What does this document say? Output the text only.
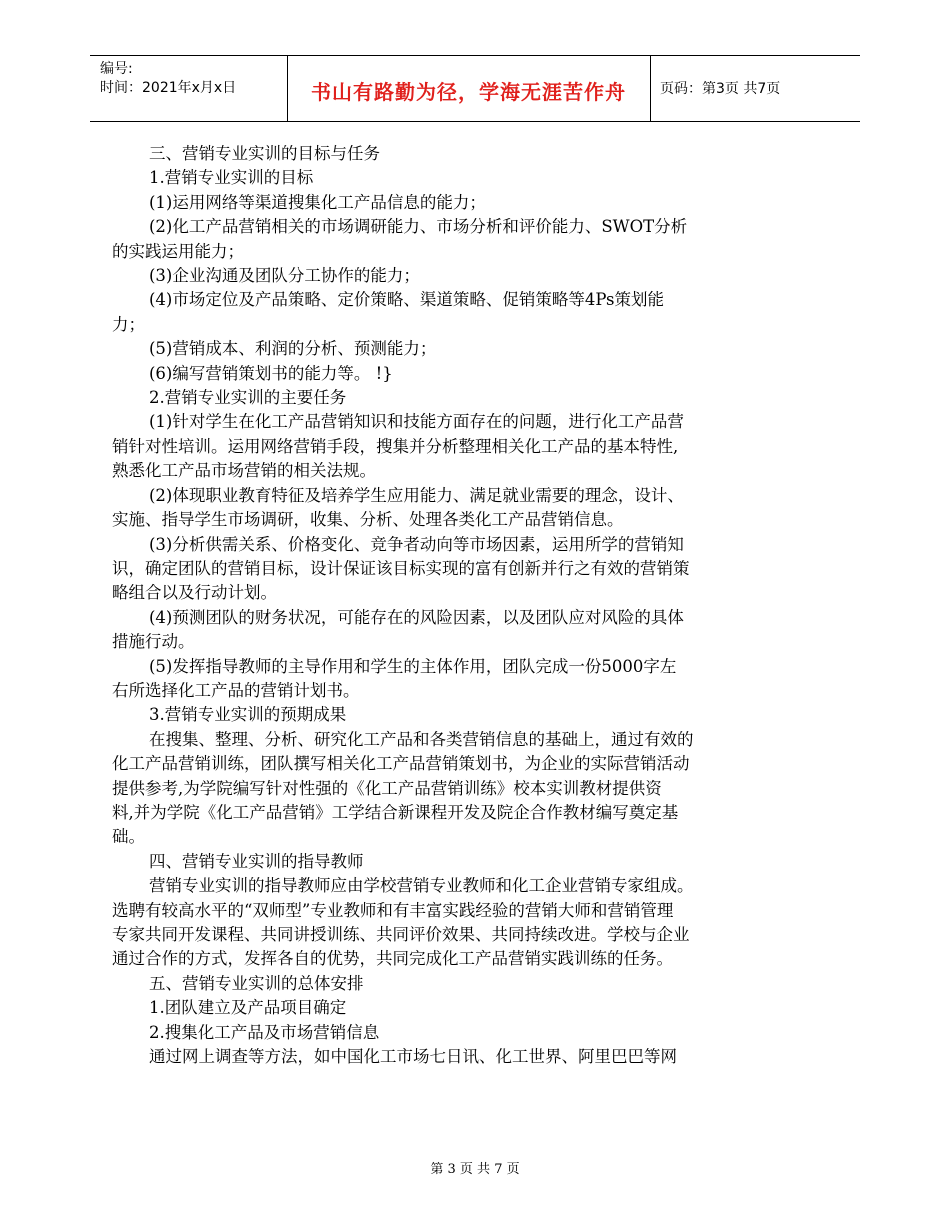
编号:
时间：2021年x月x日	书山有路勤为径，学海无涯苦作舟	页码：第3页 共7页
三、营销专业实训的目标与任务
1.营销专业实训的目标
(1)运用网络等渠道搜集化工产品信息的能力；
(2)化工产品营销相关的市场调研能力、市场分析和评价能力、SWOT分析
的实践运用能力；
(3)企业沟通及团队分工协作的能力；
(4)市场定位及产品策略、定价策略、渠道策略、促销策略等4Ps策划能
力；
(5)营销成本、利润的分析、预测能力；
(6)编写营销策划书的能力等。 !}
2.营销专业实训的主要任务
(1)针对学生在化工产品营销知识和技能方面存在的问题，进行化工产品营
销针对性培训。运用网络营销手段，搜集并分析整理相关化工产品的基本特性,
熟悉化工产品市场营销的相关法规。
(2)体现职业教育特征及培养学生应用能力、满足就业需要的理念，设计、
实施、指导学生市场调研，收集、分析、处理各类化工产品营销信息。
(3)分析供需关系、价格变化、竞争者动向等市场因素，运用所学的营销知
识，确定团队的营销目标，设计保证该目标实现的富有创新并行之有效的营销策
略组合以及行动计划。
(4)预测团队的财务状况，可能存在的风险因素，以及团队应对风险的具体
措施行动。
(5)发挥指导教师的主导作用和学生的主体作用，团队完成一份5000字左
右所选择化工产品的营销计划书。
3.营销专业实训的预期成果
在搜集、整理、分析、研究化工产品和各类营销信息的基础上，通过有效的
化工产品营销训练，团队撰写相关化工产品营销策划书，为企业的实际营销活动
提供参考,为学院编写针对性强的《化工产品营销训练》校本实训教材提供资
料,并为学院《化工产品营销》工学结合新课程开发及院企合作教材编写奠定基
础。
四、营销专业实训的指导教师
营销专业实训的指导教师应由学校营销专业教师和化工企业营销专家组成。
选聘有较高水平的“双师型”专业教师和有丰富实践经验的营销大师和营销管理
专家共同开发课程、共同讲授训练、共同评价效果、共同持续改进。学校与企业
通过合作的方式，发挥各自的优势，共同完成化工产品营销实践训练的任务。
五、营销专业实训的总体安排
1.团队建立及产品项目确定
2.搜集化工产品及市场营销信息
通过网上调查等方法，如中国化工市场七日讯、化工世界、阿里巴巴等网
第 3 页 共 7 页
